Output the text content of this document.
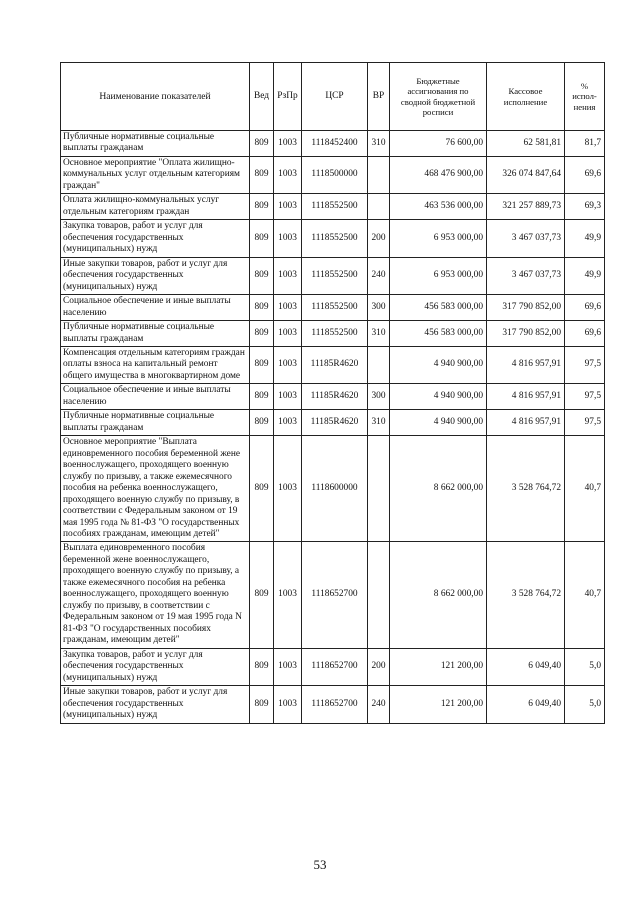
Наименование показателей	Вед	РзПр	ЦСР	ВР	Бюджетные ассигнования по сводной бюджетной росписи	Кассовое исполнение	% испол-нения
Публичные нормативные социальные выплаты гражданам	809	1003	1118452400	310	76 600,00	62 581,81	81,7
Основное мероприятие "Оплата жилищно-коммунальных услуг отдельным категориям граждан"	809	1003	1118500000		468 476 900,00	326 074 847,64	69,6
Оплата жилищно-коммунальных услуг отдельным категориям граждан	809	1003	1118552500		463 536 000,00	321 257 889,73	69,3
Закупка товаров, работ и услуг для обеспечения государственных (муниципальных) нужд	809	1003	1118552500	200	6 953 000,00	3 467 037,73	49,9
Иные закупки товаров, работ и услуг для обеспечения государственных (муниципальных) нужд	809	1003	1118552500	240	6 953 000,00	3 467 037,73	49,9
Социальное обеспечение и иные выплаты населению	809	1003	1118552500	300	456 583 000,00	317 790 852,00	69,6
Публичные нормативные социальные выплаты гражданам	809	1003	1118552500	310	456 583 000,00	317 790 852,00	69,6
Компенсация отдельным категориям граждан оплаты взноса на капитальный ремонт общего имущества в многоквартирном доме	809	1003	11185R4620		4 940 900,00	4 816 957,91	97,5
Социальное обеспечение и иные выплаты населению	809	1003	11185R4620	300	4 940 900,00	4 816 957,91	97,5
Публичные нормативные социальные выплаты гражданам	809	1003	11185R4620	310	4 940 900,00	4 816 957,91	97,5
Основное мероприятие "Выплата единовременного пособия беременной жене военнослужащего, проходящего военную службу по призыву, а также ежемесячного пособия на ребенка военнослужащего, проходящего военную службу по призыву, в соответствии с Федеральным законом от 19 мая 1995 года № 81-ФЗ "О государственных пособиях гражданам, имеющим детей"	809	1003	1118600000		8 662 000,00	3 528 764,72	40,7
Выплата единовременного пособия беременной жене военнослужащего, проходящего военную службу по призыву, а также ежемесячного пособия на ребенка военнослужащего, проходящего военную службу по призыву, в соответствии с Федеральным законом от 19 мая 1995 года N 81-ФЗ "О государственных пособиях гражданам, имеющим детей"	809	1003	1118652700		8 662 000,00	3 528 764,72	40,7
Закупка товаров, работ и услуг для обеспечения государственных (муниципальных) нужд	809	1003	1118652700	200	121 200,00	6 049,40	5,0
Иные закупки товаров, работ и услуг для обеспечения государственных (муниципальных) нужд	809	1003	1118652700	240	121 200,00	6 049,40	5,0
53
